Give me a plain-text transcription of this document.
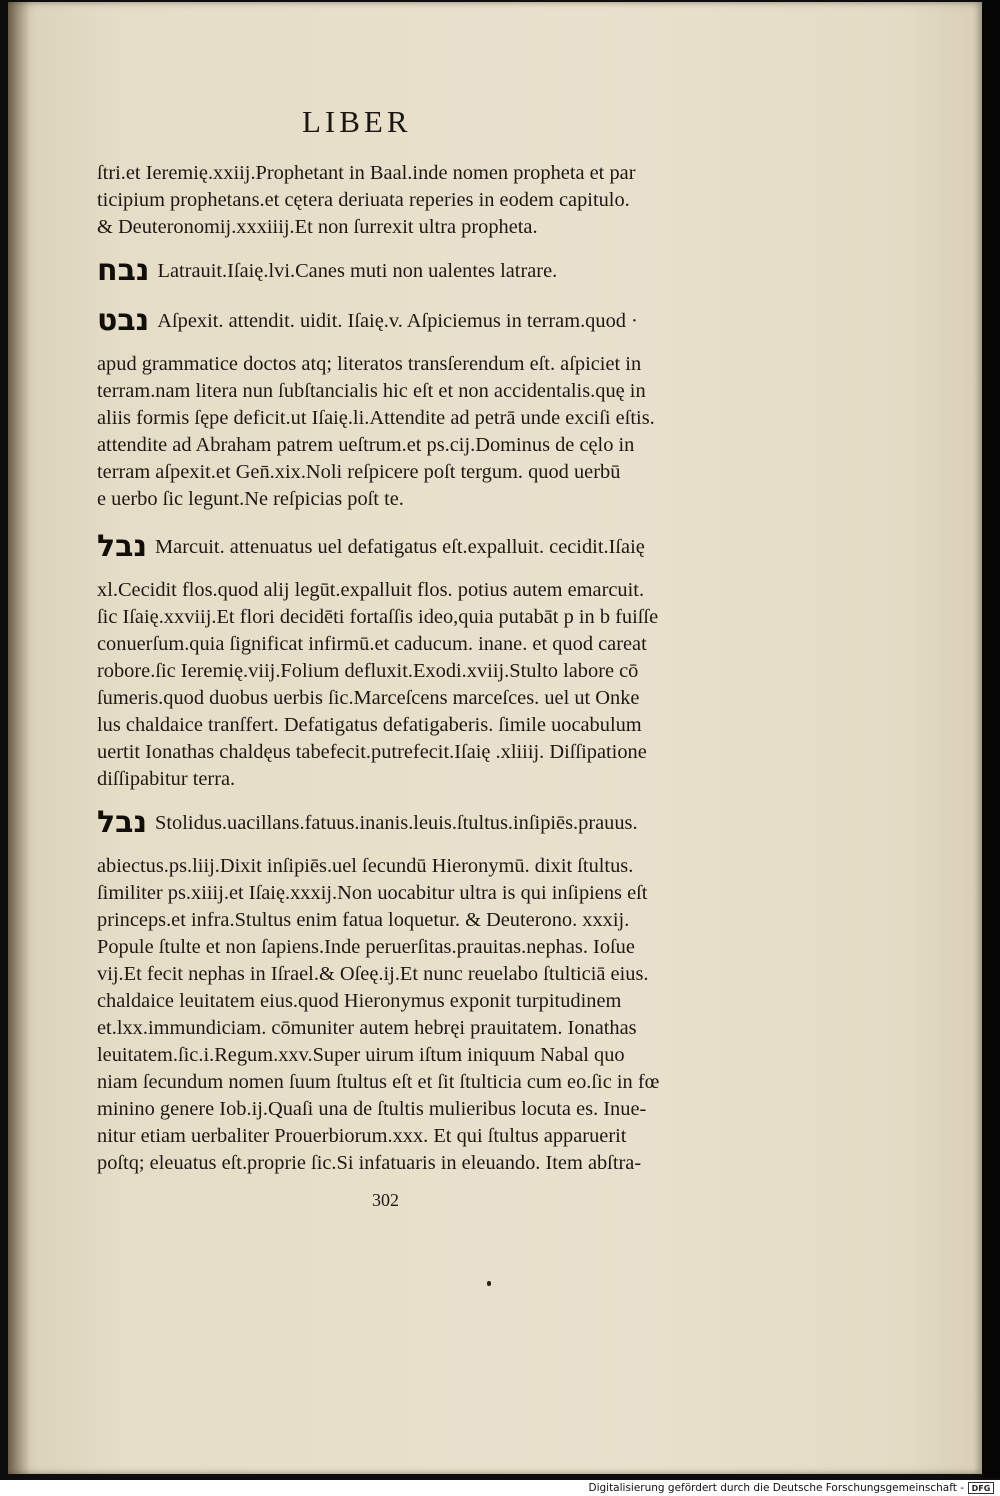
LIBER
ſtri.et Ieremię.xxiij.Prophetant in Baal.inde nomen propheta et par
ticipium prophetans.et cętera deriuata reperies in eodem capitulo.
& Deuteronomij.xxxiiij.Et non ſurrexit ultra propheta.
נבח Latrauit.Iſaię.lvi.Canes muti non ualentes latrare.
נבט Aſpexit. attendit. uidit. Iſaię.v. Aſpiciemus in terram.quod ·
apud grammatice doctos atq; literatos transſerendum eſt. aſpiciet in
terram.nam litera nun ſubſtancialis hic eſt et non accidentalis.quę in
aliis formis ſępe deficit.ut Iſaię.li.Attendite ad petrā unde exciſi eſtis.
attendite ad Abraham patrem ueſtrum.et ps.cij.Dominus de cęlo in
terram aſpexit.et Gen̄.xix.Noli reſpicere poſt tergum. quod uerbū
e uerbo ſic legunt.Ne reſpicias poſt te.
נבל Marcuit. attenuatus uel defatigatus eſt.expalluit. cecidit.Iſaię
xl.Cecidit flos.quod alij legūt.expalluit flos. potius autem emarcuit.
ſic Iſaię.xxviij.Et flori decidēti fortaſſis ideo,quia putabāt p in b fuiſſe
conuerſum.quia ſignificat infirmū.et caducum. inane. et quod careat
robore.ſic Ieremię.viij.Folium defluxit.Exodi.xviij.Stulto labore cō
ſumeris.quod duobus uerbis ſic.Marceſcens marceſces. uel ut Onke
lus chaldaice tranſfert. Defatigatus defatigaberis. ſimile uocabulum
uertit Ionathas chaldęus tabefecit.putrefecit.Iſaię .xliiij. Diſſipatione
diſſipabitur terra.
נבל Stolidus.uacillans.fatuus.inanis.leuis.ſtultus.inſipiēs.prauus.
abiectus.ps.liij.Dixit inſipiēs.uel ſecundū Hieronymū. dixit ſtultus.
ſimiliter ps.xiiij.et Iſaię.xxxij.Non uocabitur ultra is qui inſipiens eſt
princeps.et infra.Stultus enim fatua loquetur. & Deuterono. xxxij.
Popule ſtulte et non ſapiens.Inde peruerſitas.prauitas.nephas. Ioſue
vij.Et fecit nephas in Iſrael.& Oſeę.ij.Et nunc reuelabo ſtulticiā eius.
chaldaice leuitatem eius.quod Hieronymus exponit turpitudinem
et.lxx.immundiciam. cōmuniter autem hebręi prauitatem. Ionathas
leuitatem.ſic.i.Regum.xxv.Super uirum iſtum iniquum Nabal quo
niam ſecundum nomen ſuum ſtultus eſt et ſit ſtulticia cum eo.ſic in fœ
minino genere Iob.ij.Quaſi una de ſtultis mulieribus locuta es. Inue-
nitur etiam uerbaliter Prouerbiorum.xxx. Et qui ſtultus apparuerit
poſtq; eleuatus eſt.proprie ſic.Si infatuaris in eleuando. Item abſtra-
302
Digitalisierung gefördert durch die Deutsche Forschungsgemeinschaft - DFG
